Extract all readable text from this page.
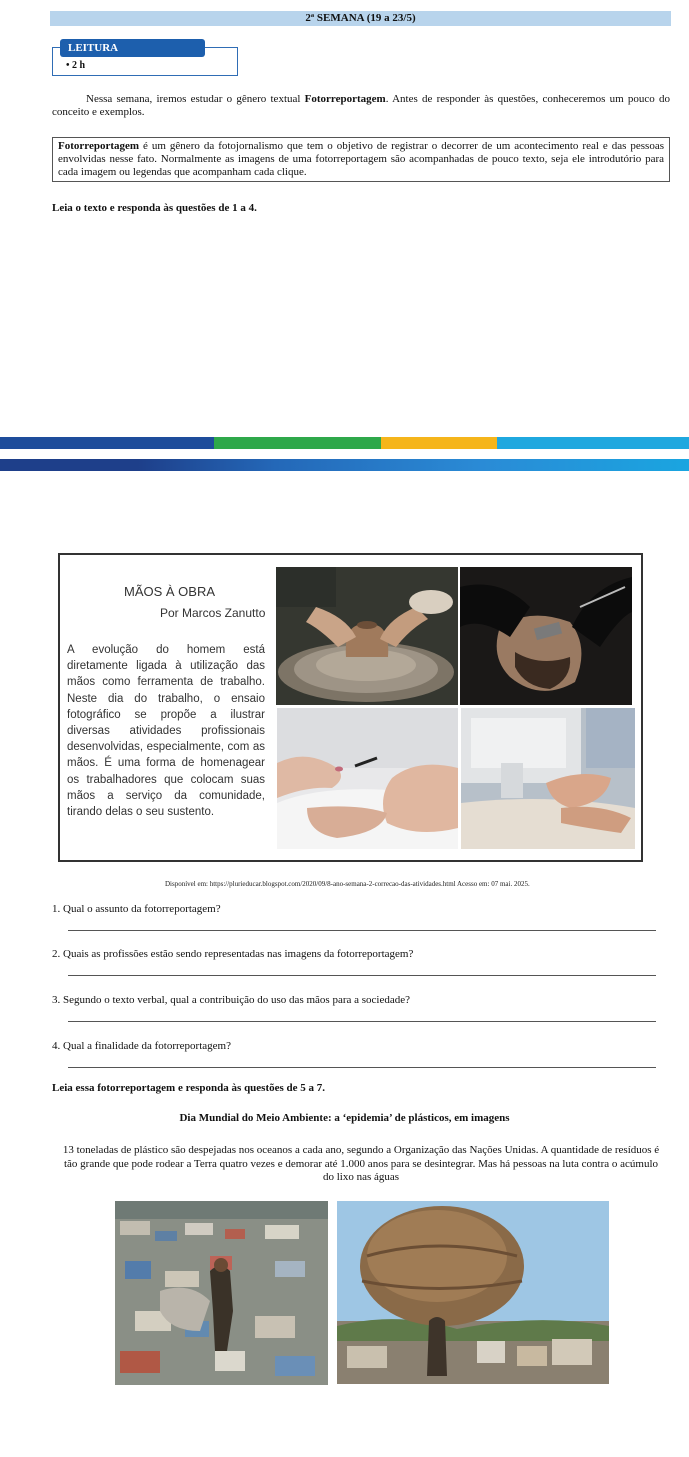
2ª SEMANA (19 a 23/5)
LEITURA
• 2 h
Nessa semana, iremos estudar o gênero textual Fotorreportagem. Antes de responder às questões, conheceremos um pouco do conceito e exemplos.
Fotorreportagem é um gênero da fotojornalismo que tem o objetivo de registrar o decorrer de um acontecimento real e das pessoas envolvidas nesse fato. Normalmente as imagens de uma fotorreportagem são acompanhadas de pouco texto, seja ele introdutório para cada imagem ou legendas que acompanham cada clique.
Leia o texto e responda às questões de 1 a 4.
MÃOS À OBRA
Por Marcos Zanutto
A evolução do homem está diretamente ligada à utilização das mãos como ferramenta de trabalho. Neste dia do trabalho, o ensaio fotográfico se propõe a ilustrar diversas atividades profissionais desenvolvidas, especialmente, com as mãos. É uma forma de homenagear os trabalhadores que colocam suas mãos a serviço da comunidade, tirando delas o seu sustento.
Disponível em: https://plurieducar.blogspot.com/2020/09/8-ano-semana-2-correcao-das-atividades.html Acesso em: 07 mai. 2025.
1. Qual o assunto da fotorreportagem?
2. Quais as profissões estão sendo representadas nas imagens da fotorreportagem?
3. Segundo o texto verbal, qual a contribuição do uso das mãos para a sociedade?
4. Qual a finalidade da fotorreportagem?
Leia essa fotorreportagem e responda às questões de 5 a 7.
Dia Mundial do Meio Ambiente: a ‘epidemia’ de plásticos, em imagens
13 toneladas de plástico são despejadas nos oceanos a cada ano, segundo a Organização das Nações Unidas. A quantidade de resíduos é tão grande que pode rodear a Terra quatro vezes e demorar até 1.000 anos para se desintegrar. Mas há pessoas na luta contra o acúmulo do lixo nas águas
